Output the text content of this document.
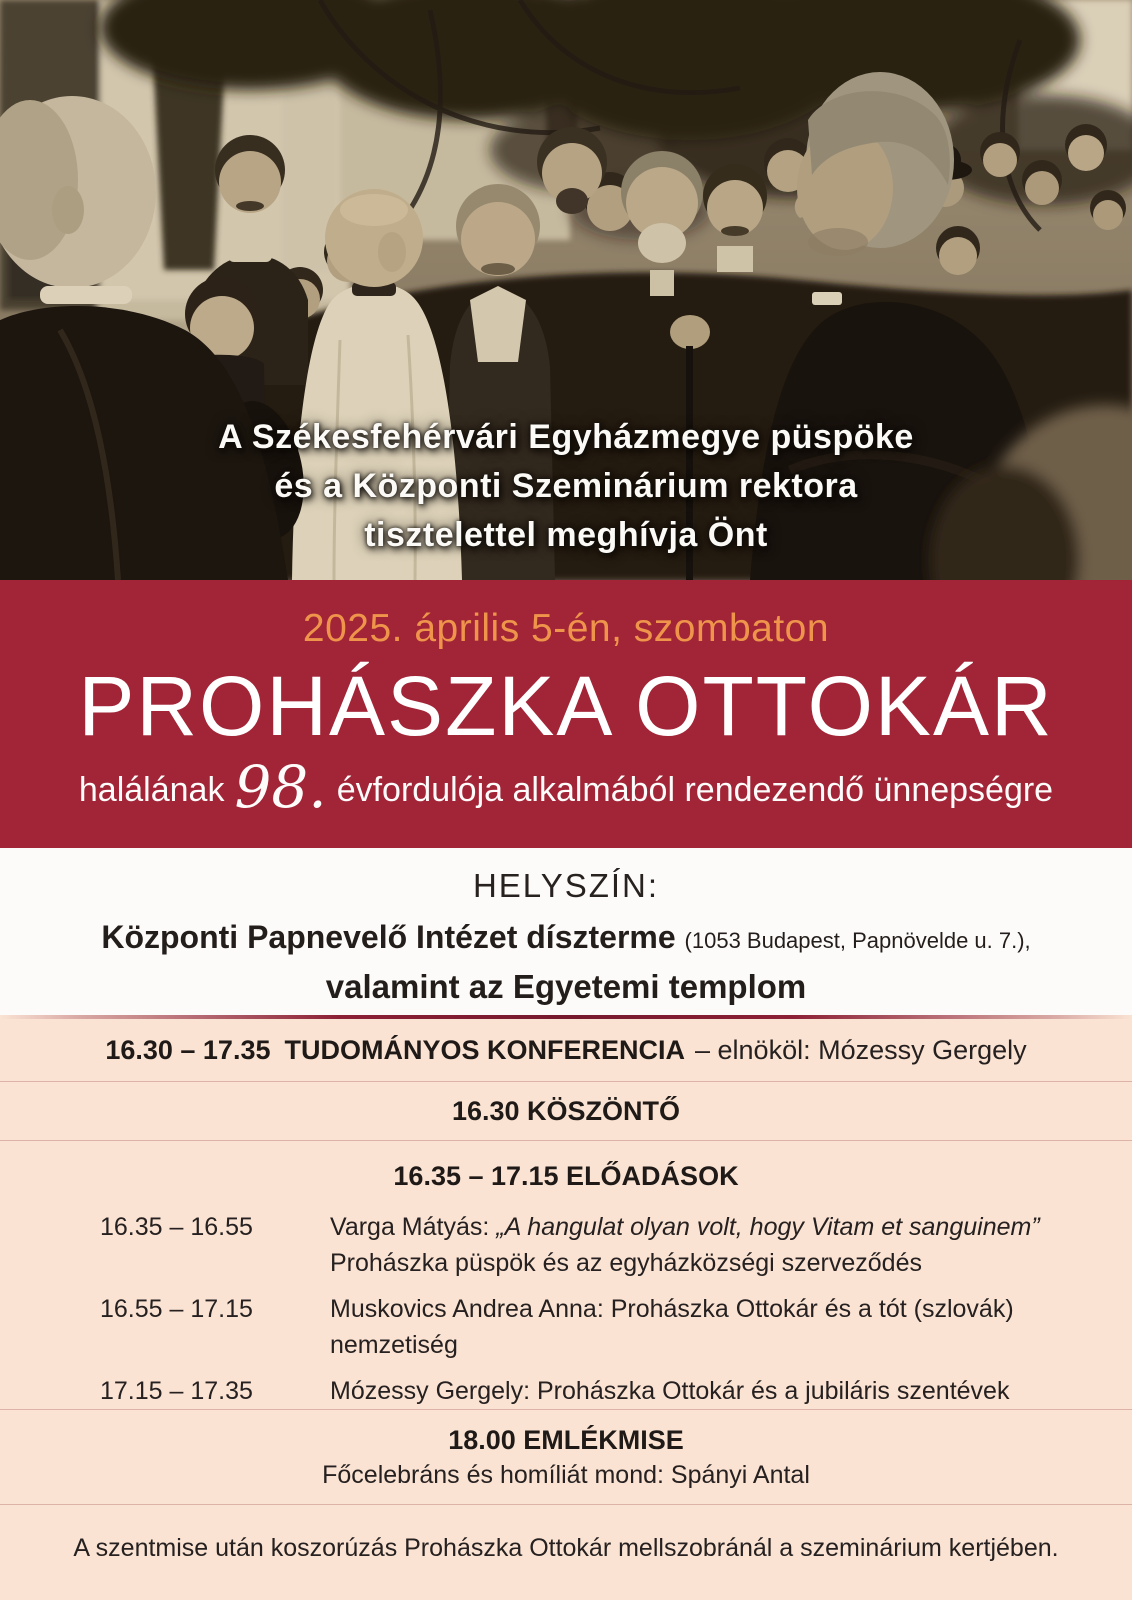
A Székesfehérvári Egyházmegye püspöke
és a Központi Szeminárium rektora
tisztelettel meghívja Önt
2025. április 5-én, szombaton
PROHÁSZKA OTTOKÁR
halálának 98. évfordulója alkalmából rendezendő ünnepségre
HELYSZÍN:
Központi Papnevelő Intézet díszterme (1053 Budapest, Papnövelde u. 7.),
valamint az Egyetemi templom
16.30 – 17.35 TUDOMÁNYOS KONFERENCIA – elnököl: Mózessy Gergely
16.30 KÖSZÖNTŐ
16.35 – 17.15 ELŐADÁSOK
16.35 – 16.55	Varga Mátyás: „A hangulat olyan volt, hogy Vitam et sanguinem”
Prohászka püspök és az egyházközségi szerveződés
16.55 – 17.15	Muskovics Andrea Anna: Prohászka Ottokár és a tót (szlovák)
nemzetiség
17.15 – 17.35	Mózessy Gergely: Prohászka Ottokár és a jubiláris szentévek
18.00 EMLÉKMISE
Főcelebráns és homíliát mond: Spányi Antal
A szentmise után koszorúzás Prohászka Ottokár mellszobránál a szeminárium kertjében.
